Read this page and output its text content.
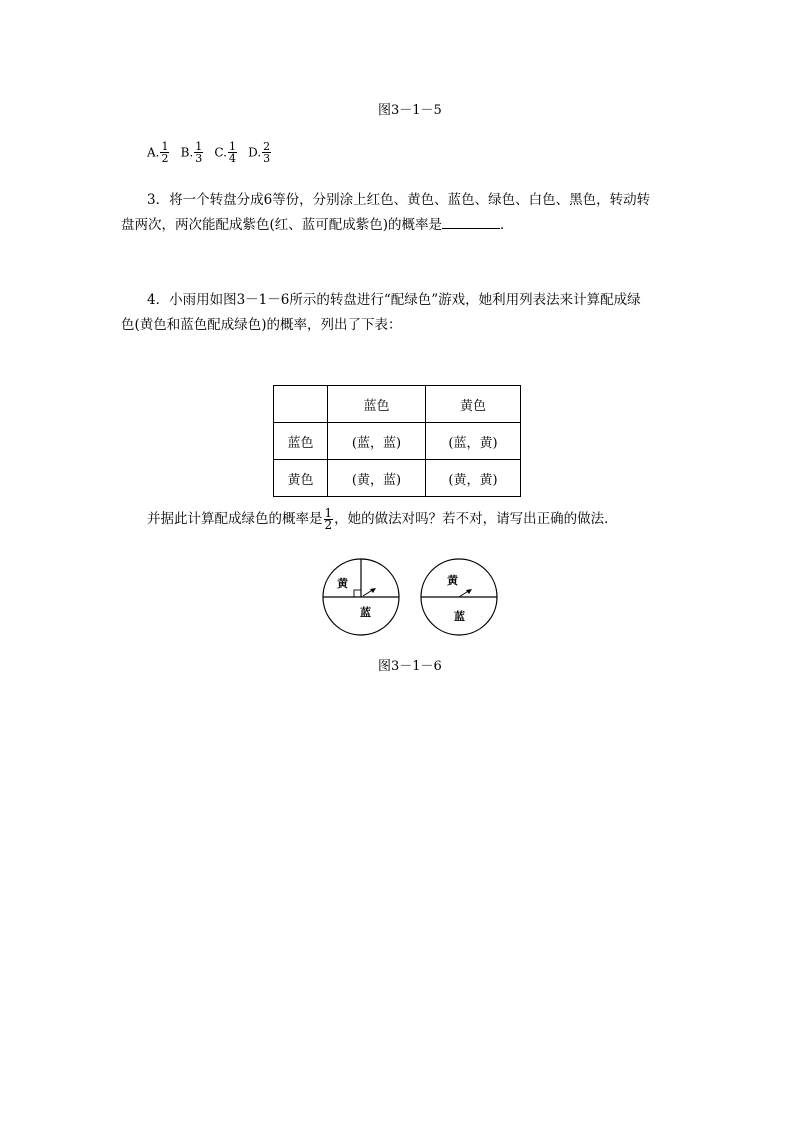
图3－1－5
A. $\frac{1}{2} B$. $\frac{1}{3} C$. $\frac{1}{4} D$. $\frac{2}{3}$
3．将一个转盘分成6等份，分别涂上红色、黄色、蓝色、绿色、白色、黑色，转动转
盘两次，两次能配成紫色(红、蓝可配成紫色)的概率是	．
4．小雨用如图3－1－6所示的转盘进行“配绿色”游戏，她利用列表法来计算配成绿
色(黄色和蓝色配成绿色)的概率，列出了下表：
	蓝色	黄色
蓝色	(蓝，蓝)	(蓝，黄)
黄色	(黄，蓝)	(黄，黄)
并据此计算配成绿色的概率是 $\frac{1}{2}$ ，她的做法对吗？若不对，请写出正确的做法．
黄
蓝
黄
蓝
图3－1－6
